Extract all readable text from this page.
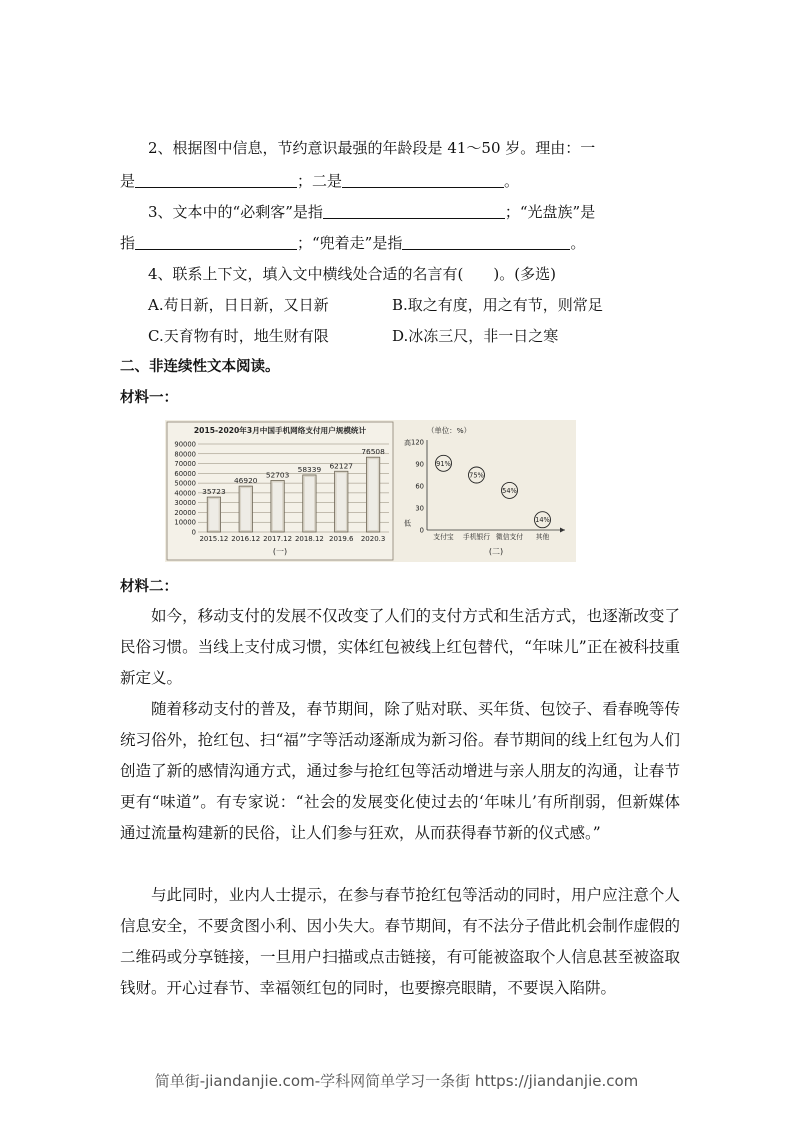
2、根据图中信息，节约意识最强的年龄段是 41～50 岁。理由：一
是	；二是	。
3、文本中的“必剩客”是指	；“光盘族”是
指	；“兜着走”是指	。
4、联系上下文，填入文中横线处合适的名言有(　　)。(多选)
A.苟日新，日日新，又日新	B.取之有度，用之有节，则常足
C.天育物有时，地生财有限	D.冰冻三尺，非一日之寒
二、非连续性文本阅读。
材料一：
2015-2020年3月中国手机网络支付用户规模统计
0
10000
20000
30000
40000
50000
60000
70000
80000
90000
35723
2015.12
46920
2016.12
52703
2017.12
58339
2018.12
62127
2019.6
76508
2020.3
(一)
（单位：%）
高
低
0
30
60
90
120
91%
支付宝
75%
手机银行
54%
微信支付
14%
其他
(二)
材料二：
如今，移动支付的发展不仅改变了人们的支付方式和生活方式，也逐渐改变了民俗习惯。当线上支付成习惯，实体红包被线上红包替代，“年味儿”正在被科技重新定义。
随着移动支付的普及，春节期间，除了贴对联、买年货、包饺子、看春晚等传统习俗外，抢红包、扫“福”字等活动逐渐成为新习俗。春节期间的线上红包为人们创造了新的感情沟通方式，通过参与抢红包等活动增进与亲人朋友的沟通，让春节更有“味道”。有专家说：“社会的发展变化使过去的‘年味儿’有所削弱，但新媒体通过流量构建新的民俗，让人们参与狂欢，从而获得春节新的仪式感。”
与此同时，业内人士提示，在参与春节抢红包等活动的同时，用户应注意个人信息安全，不要贪图小利、因小失大。春节期间，有不法分子借此机会制作虚假的二维码或分享链接，一旦用户扫描或点击链接，有可能被盗取个人信息甚至被盗取钱财。开心过春节、幸福领红包的同时，也要擦亮眼睛，不要误入陷阱。
简单街-jiandanjie.com-学科网简单学习一条街 https://jiandanjie.com
